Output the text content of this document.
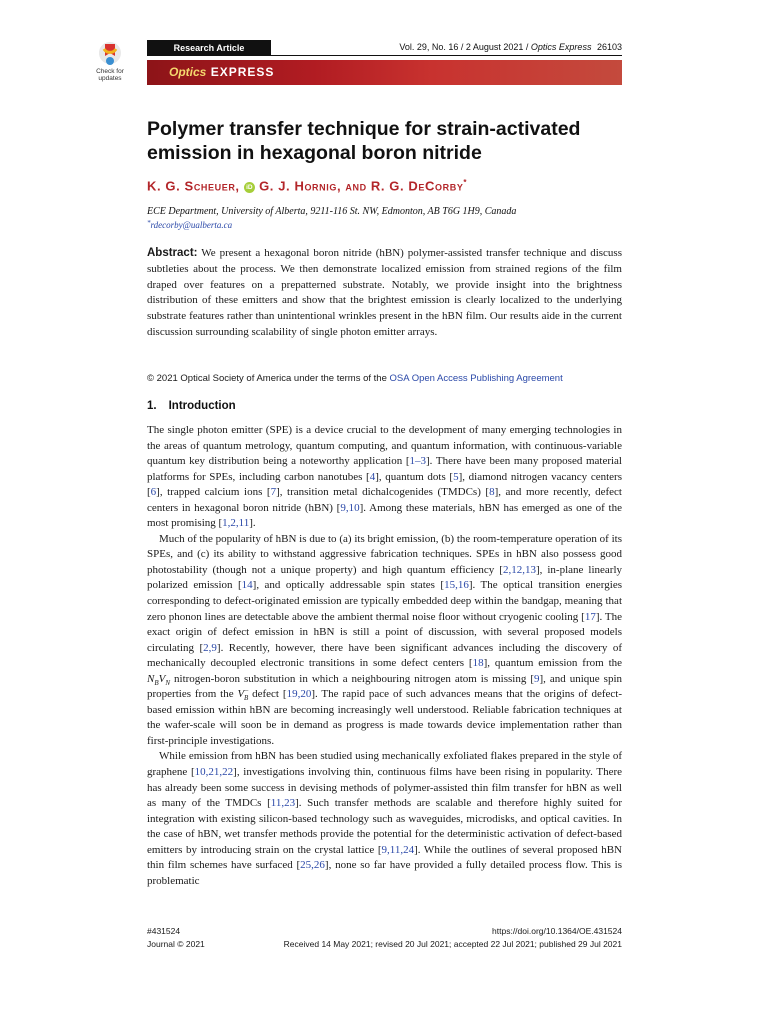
Check for
updates
Research Article	Vol. 29, No. 16 / 2 August 2021 / Optics Express 26103
Optics EXPRESS
Polymer transfer technique for strain-activated emission in hexagonal boron nitride
K. G. Scheuer, iD G. J. Hornig, and R. G. DeCorby*
ECE Department, University of Alberta, 9211-116 St. NW, Edmonton, AB T6G 1H9, Canada
*rdecorby@ualberta.ca

Abstract: We present a hexagonal boron nitride (hBN) polymer-assisted transfer technique and discuss subtleties about the process. We then demonstrate localized emission from strained regions of the film draped over features on a prepatterned substrate. Notably, we provide insight into the brightness distribution of these emitters and show that the brightest emission is clearly localized to the underlying substrate features rather than unintentional wrinkles present in the hBN film. Our results aide in the current discussion surrounding scalability of single photon emitter arrays.

© 2021 Optical Society of America under the terms of the OSA Open Access Publishing Agreement
1. Introduction

The single photon emitter (SPE) is a device crucial to the development of many emerging technologies in the areas of quantum metrology, quantum computing, and quantum information, with continuous-variable quantum key distribution being a noteworthy application [1–3]. There have been many proposed material platforms for SPEs, including carbon nanotubes [4], quantum dots [5], diamond nitrogen vacancy centers [6], trapped calcium ions [7], transition metal dichalcogenides (TMDCs) [8], and more recently, defect centers in hexagonal boron nitride (hBN) [9,10]. Among these materials, hBN has emerged as one of the most promising [1,2,11].

Much of the popularity of hBN is due to (a) its bright emission, (b) the room-temperature operation of its SPEs, and (c) its ability to withstand aggressive fabrication techniques. SPEs in hBN also possess good photostability (though not a unique property) and high quantum efficiency [2,12,13], in-plane linearly polarized emission [14], and optically addressable spin states [15,16]. The optical transition energies corresponding to defect-originated emission are typically embedded deep within the bandgap, meaning that zero phonon lines are detectable above the ambient thermal noise floor without cryogenic cooling [17]. The exact origin of defect emission in hBN is still a point of discussion, with several proposed models circulating [2,9]. Recently, however, there have been significant advances including the discovery of mechanically decoupled electronic transitions in some defect centers [18], quantum emission from the $N_BV_N$ nitrogen-boron substitution in which a neighbouring nitrogen atom is missing [9], and unique spin properties from the $V^-_B$ defect [19,20]. The rapid pace of such advances means that the origins of defect-based emission within hBN are becoming increasingly well understood. Reliable fabrication techniques at the wafer-scale will soon be in demand as progress is made towards device implementation rather than first-principle investigations.

While emission from hBN has been studied using mechanically exfoliated flakes prepared in the style of graphene [10,21,22], investigations involving thin, continuous films have been rising in popularity. There has already been some success in devising methods of polymer-assisted thin film transfer for hBN as well as many of the TMDCs [11,23]. Such transfer methods are scalable and therefore highly suited for integration with existing silicon-based technology such as waveguides, microdisks, and optical cavities. In the case of hBN, wet transfer methods provide the potential for the deterministic activation of defect-based emitters by introducing strain on the crystal lattice [9,11,24]. While the outlines of several proposed hBN thin film schemes have surfaced [25,26], none so far have provided a fully detailed process flow. This is problematic

#431524
Journal © 2021
https://doi.org/10.1364/OE.431524
Received 14 May 2021; revised 20 Jul 2021; accepted 22 Jul 2021; published 29 Jul 2021
